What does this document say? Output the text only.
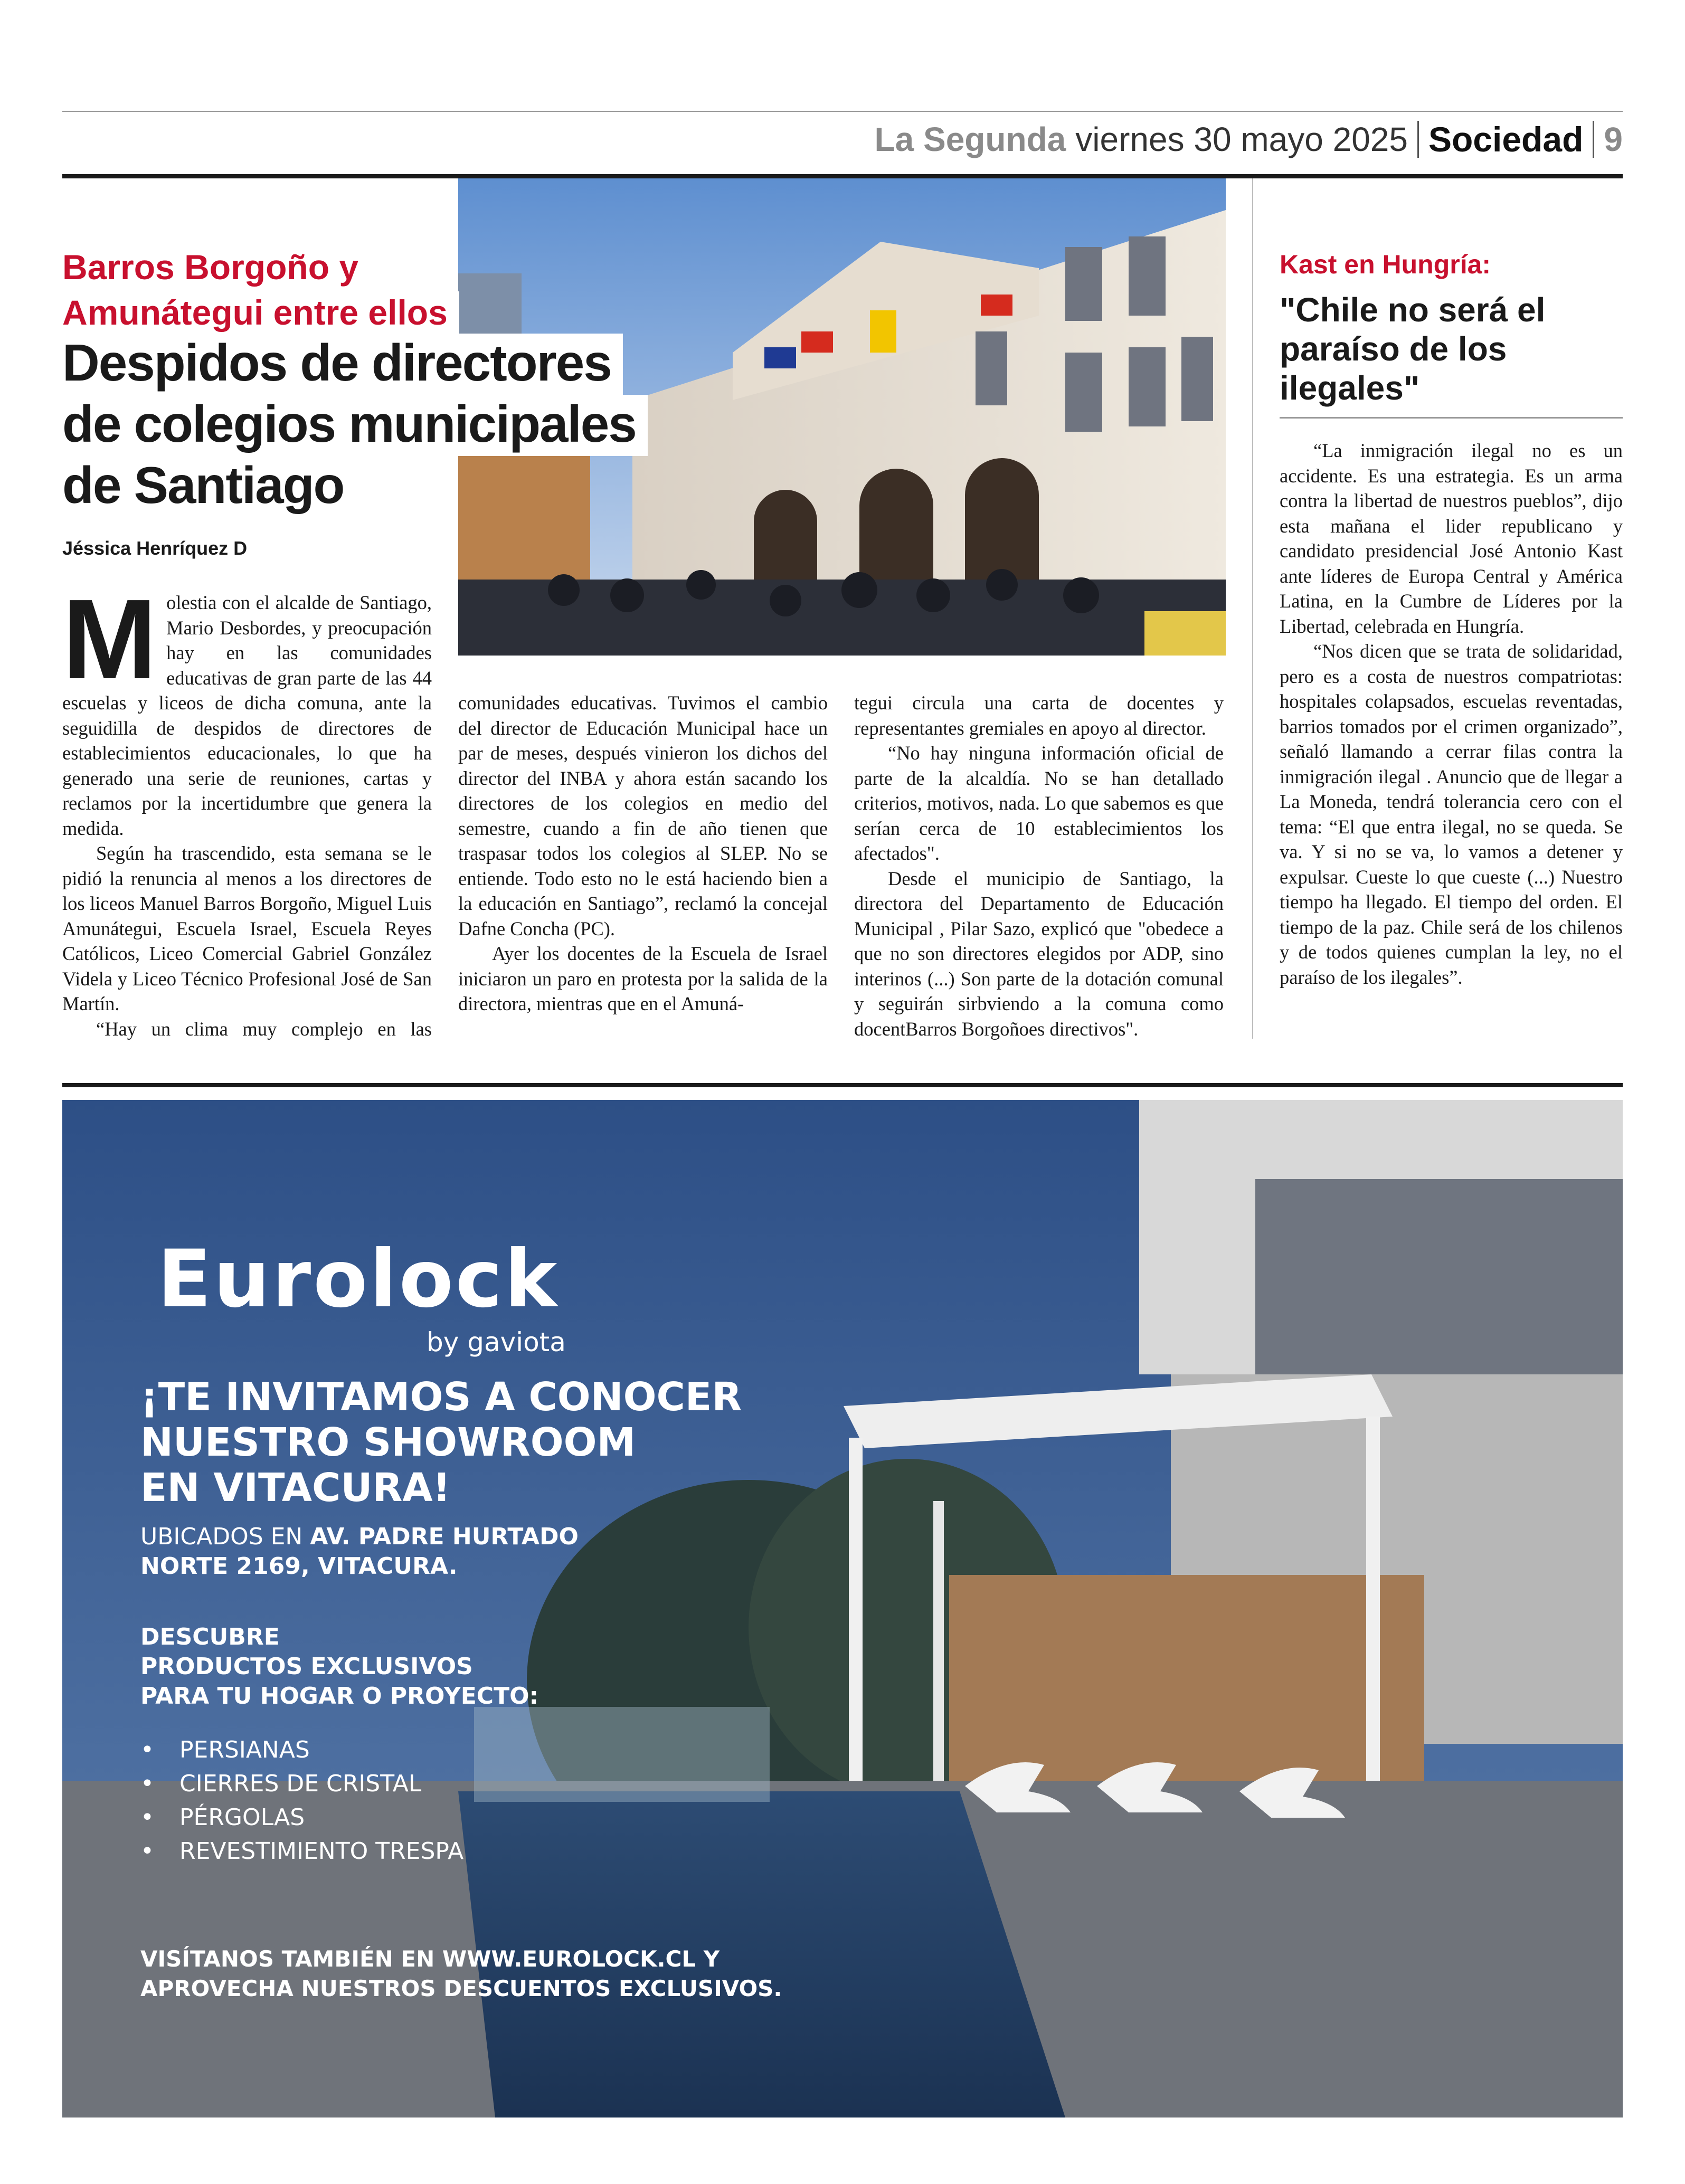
La Segunda viernes 30 mayo 2025 Sociedad 9
Barros Borgoño y
Amunátegui entre ellos
Despidos de directores
de colegios municipales
de Santiago
Jéssica Henríquez D

Molestia con el alcalde de Santiago, Mario Desbordes, y preocupación hay en las comunidades educativas de gran parte de las 44 escuelas y liceos de dicha comuna, ante la seguidilla de despidos de directores de establecimientos educacionales, lo que ha generado una serie de reuniones, cartas y reclamos por la incertidumbre que genera la medida.

Según ha trascendido, esta semana se le pidió la renuncia al menos a los directores de los liceos Manuel Barros Borgoño, Miguel Luis Amunátegui, Escuela Israel, Escuela Reyes Católicos, Liceo Comercial Gabriel González Videla y Liceo Técnico Profesional José de San Martín.

“Hay un clima muy complejo en las

comunidades educativas. Tuvimos el cambio del director de Educación Municipal hace un par de meses, después vinieron los dichos del director del INBA y ahora están sacando los directores de los colegios en medio del semestre, cuando a fin de año tienen que traspasar todos los colegios al SLEP. No se entiende. Todo esto no le está haciendo bien a la educación en Santiago”, reclamó la concejal Dafne Concha (PC).

Ayer los docentes de la Escuela de Israel iniciaron un paro en protesta por la salida de la directora, mientras que en el Amuná-

tegui circula una carta de docentes y representantes gremiales en apoyo al director.

“No hay ninguna información oficial de parte de la alcaldía. No se han detallado criterios, motivos, nada. Lo que sabemos es que serían cerca de 10 establecimientos los afectados".

Desde el municipio de Santiago, la directora del Departamento de Educación Municipal , Pilar Sazo, explicó que "obedece a que no son directores elegidos por ADP, sino interinos (...) Son parte de la dotación comunal y seguirán sirbviendo a la comuna como docentBarros Borgoñoes directivos".

Kast en Hungría:
"Chile no será el paraíso de los ilegales"

“La inmigración ilegal no es un accidente. Es una estrategia. Es un arma contra la libertad de nuestros pueblos”, dijo esta mañana el lider republicano y candidato presidencial José Antonio Kast ante líderes de Europa Central y América Latina, en la Cumbre de Líderes por la Libertad, celebrada en Hungría.

“Nos dicen que se trata de solidaridad, pero es a costa de nuestros compatriotas: hospitales colapsados, escuelas reventadas, barrios tomados por el crimen organizado”, señaló llamando a cerrar filas contra la inmigración ilegal . Anuncio que de llegar a La Moneda, tendrá tolerancia cero con el tema: “El que entra ilegal, no se queda. Se va. Y si no se va, lo vamos a detener y expulsar. Cueste lo que cueste (...) Nuestro tiempo ha llegado. El tiempo del orden. El tiempo de la paz. Chile será de los chilenos y de todos quienes cumplan la ley, no el paraíso de los ilegales”.

Eurolock
by gaviota
¡TE INVITAMOS A CONOCER
NUESTRO SHOWROOM
EN VITACURA!
UBICADOS EN AV. PADRE HURTADO
NORTE 2169, VITACURA.
DESCUBRE
PRODUCTOS EXCLUSIVOS
PARA TU HOGAR O PROYECTO:
• PERSIANAS
• CIERRES DE CRISTAL
• PÉRGOLAS
• REVESTIMIENTO TRESPA
VISÍTANOS TAMBIÉN EN WWW.EUROLOCK.CL Y
APROVECHA NUESTROS DESCUENTOS EXCLUSIVOS.
